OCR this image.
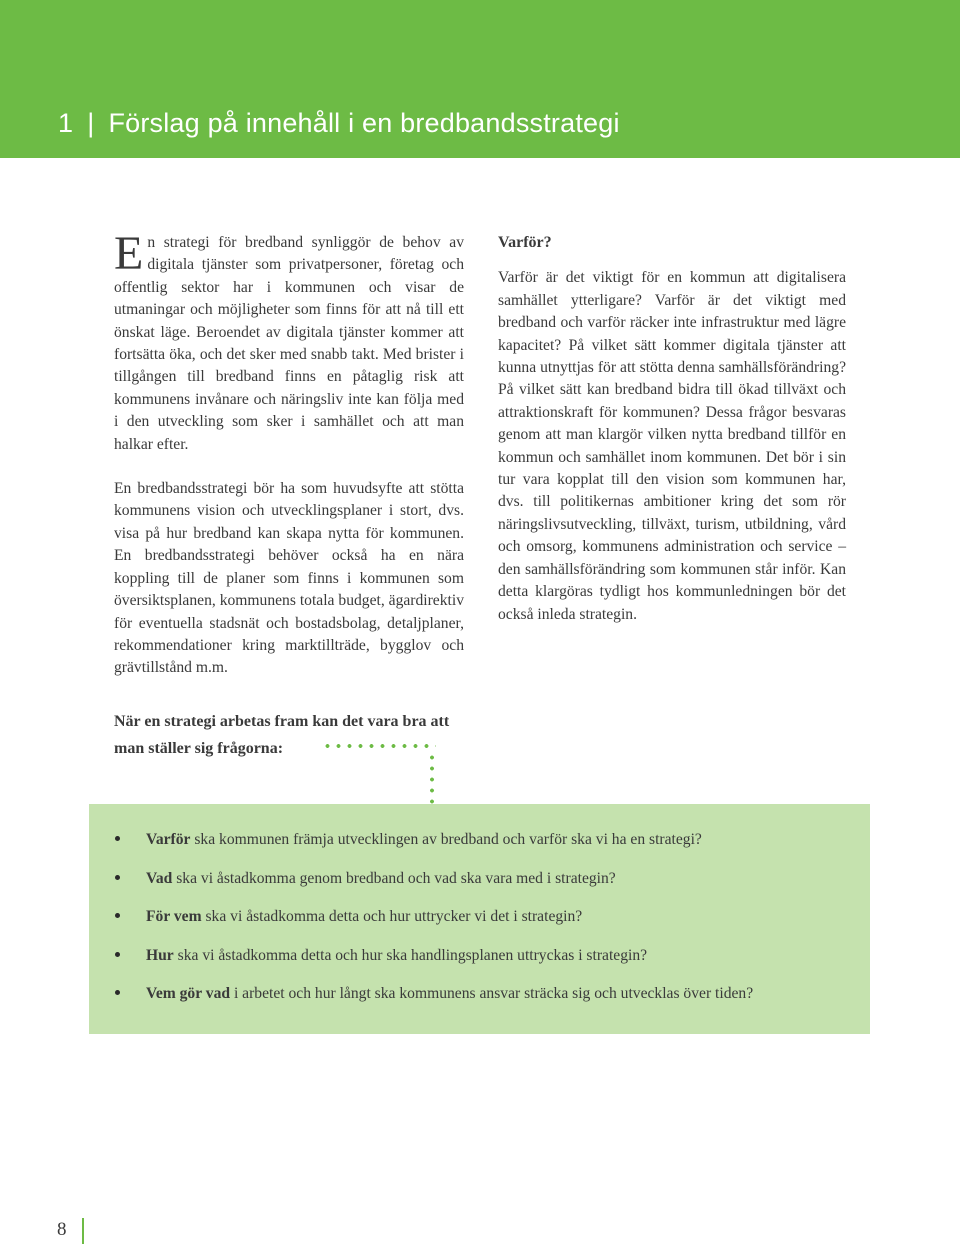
1 | Förslag på innehåll i en bredbandsstrategi

En strategi för bredband synliggör de behov av digitala tjänster som privatpersoner, företag och offentlig sektor har i kommunen och visar de utmaningar och möjligheter som finns för att nå till ett önskat läge. Beroendet av digitala tjänster kommer att fortsätta öka, och det sker med snabb takt. Med brister i tillgången till bredband finns en påtaglig risk att kommunens invånare och näringsliv inte kan följa med i den utveckling som sker i samhället och att man halkar efter.

En bredbandsstrategi bör ha som huvudsyfte att stötta kommunens vision och utvecklingsplaner i stort, dvs. visa på hur bredband kan skapa nytta för kommunen. En bredbandsstrategi behöver också ha en nära koppling till de planer som finns i kommunen som översiktsplanen, kommunens totala budget, ägardirektiv för eventuella stadsnät och bostadsbolag, detaljplaner, rekommendationer kring marktillträde, bygglov och grävtillstånd m.m.

Varför?

Varför är det viktigt för en kommun att digitalisera samhället ytterligare? Varför är det viktigt med bredband och varför räcker inte infrastruktur med lägre kapacitet? På vilket sätt kommer digitala tjänster att kunna utnyttjas för att stötta denna samhällsförändring? På vilket sätt kan bredband bidra till ökad tillväxt och attraktionskraft för kommunen? Dessa frågor besvaras genom att man klargör vilken nytta bredband tillför en kommun och samhället inom kommunen. Det bör i sin tur vara kopplat till den vision som kommunen har, dvs. till politikernas ambitioner kring det som rör näringslivsutveckling, tillväxt, turism, utbildning, vård och omsorg, kommunens administration och service – den samhällsförändring som kommunen står inför. Kan detta klargöras tydligt hos kommunledningen bör det också inleda strategin.

När en strategi arbetas fram kan det vara bra att man ställer sig frågorna:
Varför ska kommunen främja utvecklingen av bredband och varför ska vi ha en strategi?
Vad ska vi åstadkomma genom bredband och vad ska vara med i strategin?
För vem ska vi åstadkomma detta och hur uttrycker vi det i strategin?
Hur ska vi åstadkomma detta och hur ska handlingsplanen uttryckas i strategin?
Vem gör vad i arbetet och hur långt ska kommunens ansvar sträcka sig och utvecklas över tiden?
8
